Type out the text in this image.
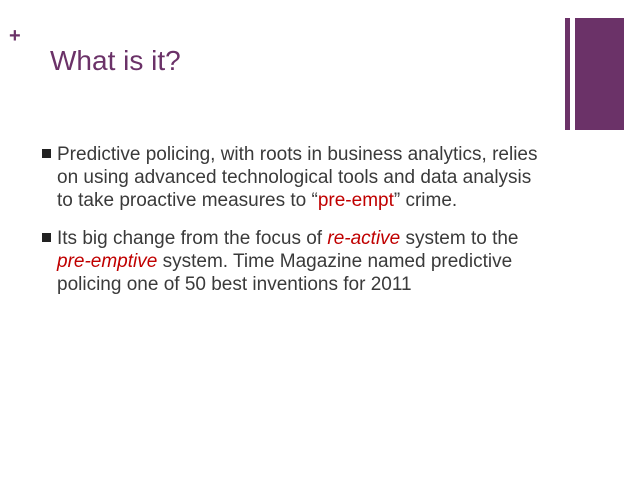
+
What is it?
Predictive policing, with roots in business analytics, relies on using advanced technological tools and data analysis to take proactive measures to “pre-empt” crime.
Its big change from the focus of re-active system to the pre-emptive system. Time Magazine named predictive policing one of 50 best inventions for 2011
